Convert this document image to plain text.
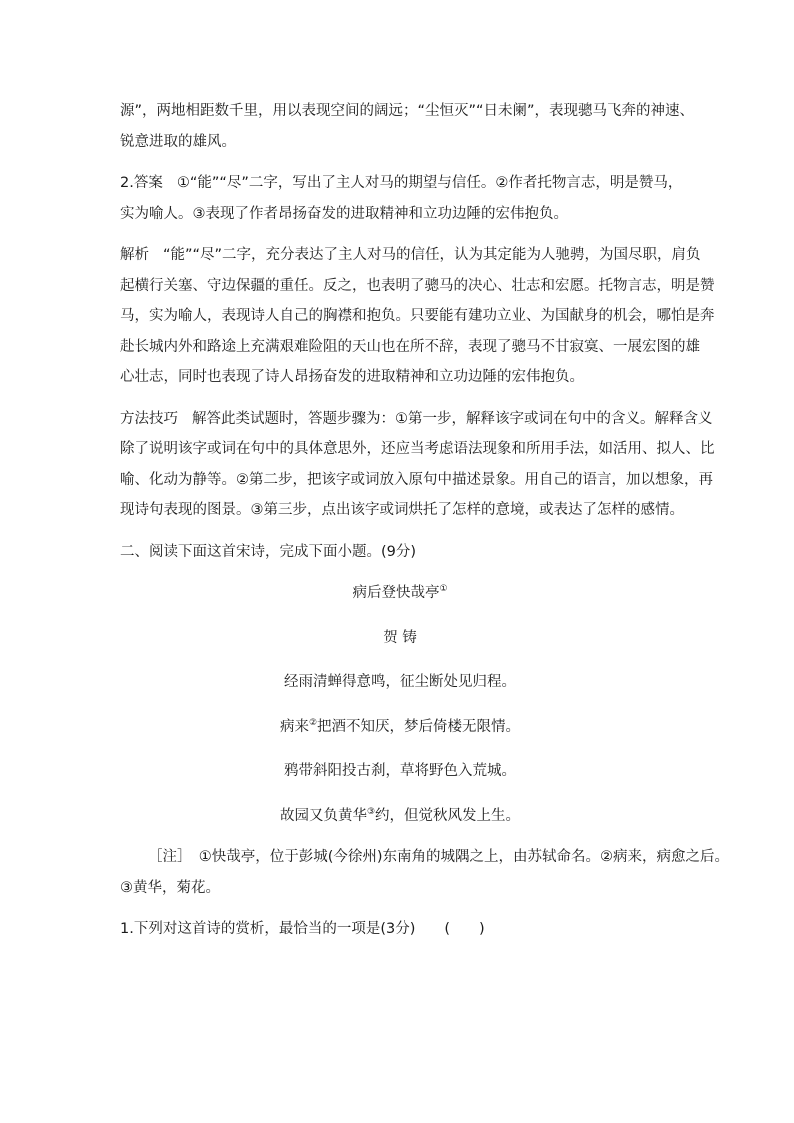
源”，两地相距数千里，用以表现空间的阔远；“尘恒灭”“日未阑”，表现骢马飞奔的神速、
锐意进取的雄风。

2.答案 ①“能”“尽”二字，写出了主人对马的期望与信任。②作者托物言志，明是赞马，
实为喻人。③表现了作者昂扬奋发的进取精神和立功边陲的宏伟抱负。

解析 “能”“尽”二字，充分表达了主人对马的信任，认为其定能为人驰骋，为国尽职，肩负
起横行关塞、守边保疆的重任。反之，也表明了骢马的决心、壮志和宏愿。托物言志，明是赞
马，实为喻人，表现诗人自己的胸襟和抱负。只要能有建功立业、为国献身的机会，哪怕是奔
赴长城内外和路途上充满艰难险阻的天山也在所不辞，表现了骢马不甘寂寞、一展宏图的雄
心壮志，同时也表现了诗人昂扬奋发的进取精神和立功边陲的宏伟抱负。

方法技巧 解答此类试题时，答题步骤为：①第一步，解释该字或词在句中的含义。解释含义
除了说明该字或词在句中的具体意思外，还应当考虑语法现象和所用手法，如活用、拟人、比
喻、化动为静等。②第二步，把该字或词放入原句中描述景象。用自己的语言，加以想象，再
现诗句表现的图景。③第三步，点出该字或词烘托了怎样的意境，或表达了怎样的感情。

二、阅读下面这首宋诗，完成下面小题。(9分)

病后登快哉亭①
贺 铸
经雨清蝉得意鸣，征尘断处见归程。
病来②把酒不知厌，梦后倚楼无限情。
鸦带斜阳投古刹，草将野色入荒城。
故园又负黄华③约，但觉秋风发上生。

［注］　①快哉亭，位于彭城(今徐州)东南角的城隅之上，由苏轼命名。②病来，病愈之后。
③黄华，菊花。

1.下列对这首诗的赏析，最恰当的一项是(3分)　　(　　)
